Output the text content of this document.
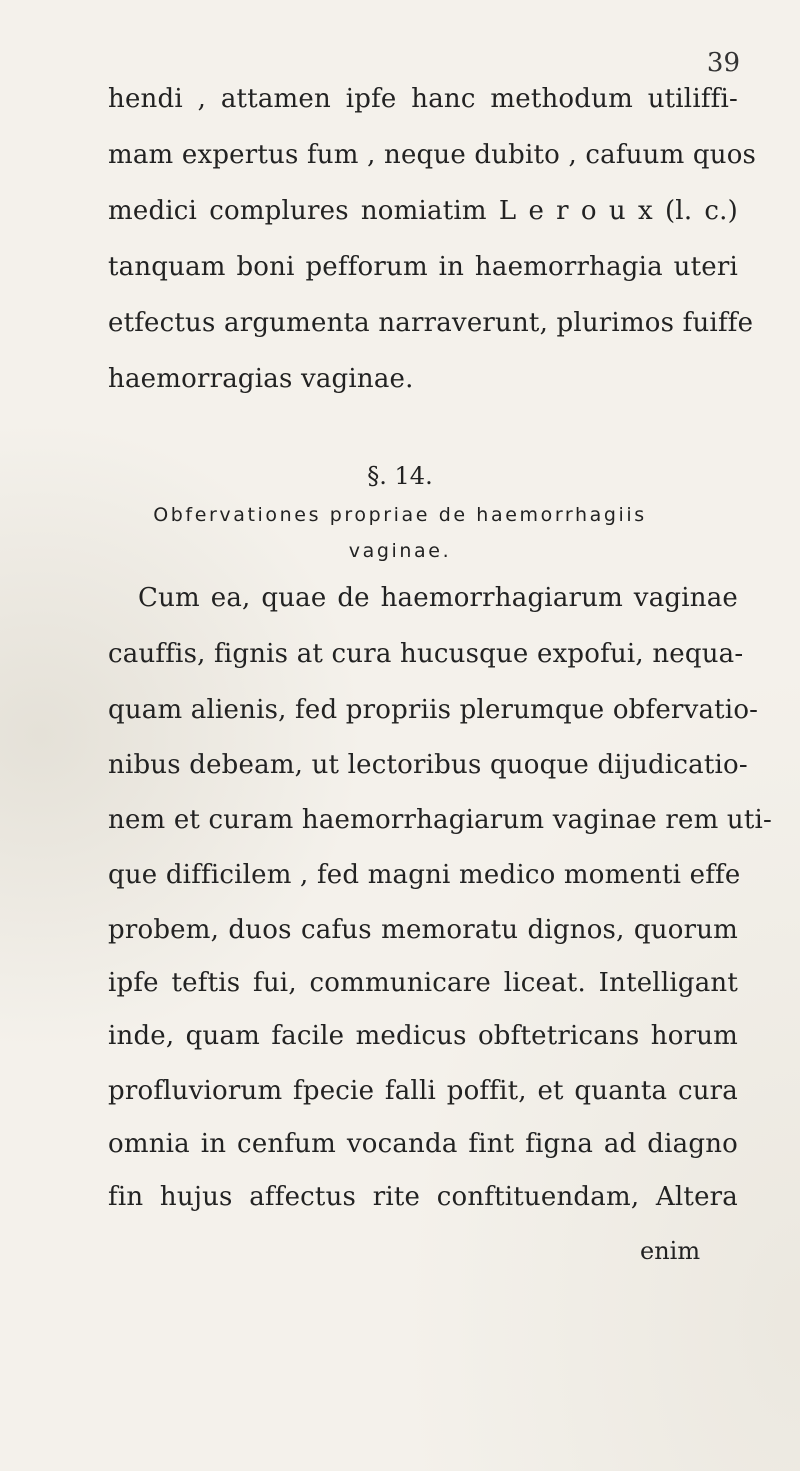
39
hendi , attamen ipfe hanc methodum utiliffi-
mam expertus fum , neque dubito , cafuum quos
medici complures nomiatim L e r o u x (l. c.)
tanquam boni pefforum in haemorrhagia uteri
etfectus argumenta narraverunt, plurimos fuiffe
haemorragias vaginae.
§. 14.
Obfervationes propriae de haemorrhagiis
vaginae.
Cum ea, quae de haemorrhagiarum vaginae
cauffis, fignis at cura hucusque expofui, nequa-
quam alienis, fed propriis plerumque obfervatio-
nibus debeam, ut lectoribus quoque dijudicatio-
nem et curam haemorrhagiarum vaginae rem uti-
que difficilem , fed magni medico momenti effe
probem, duos cafus memoratu dignos, quorum
ipfe teftis fui, communicare liceat. Intelligant
inde, quam facile medicus obftetricans horum
profluviorum fpecie falli poffit, et quanta cura
omnia in cenfum vocanda fint figna ad diagno
fin hujus affectus rite conftituendam, Altera
enim
